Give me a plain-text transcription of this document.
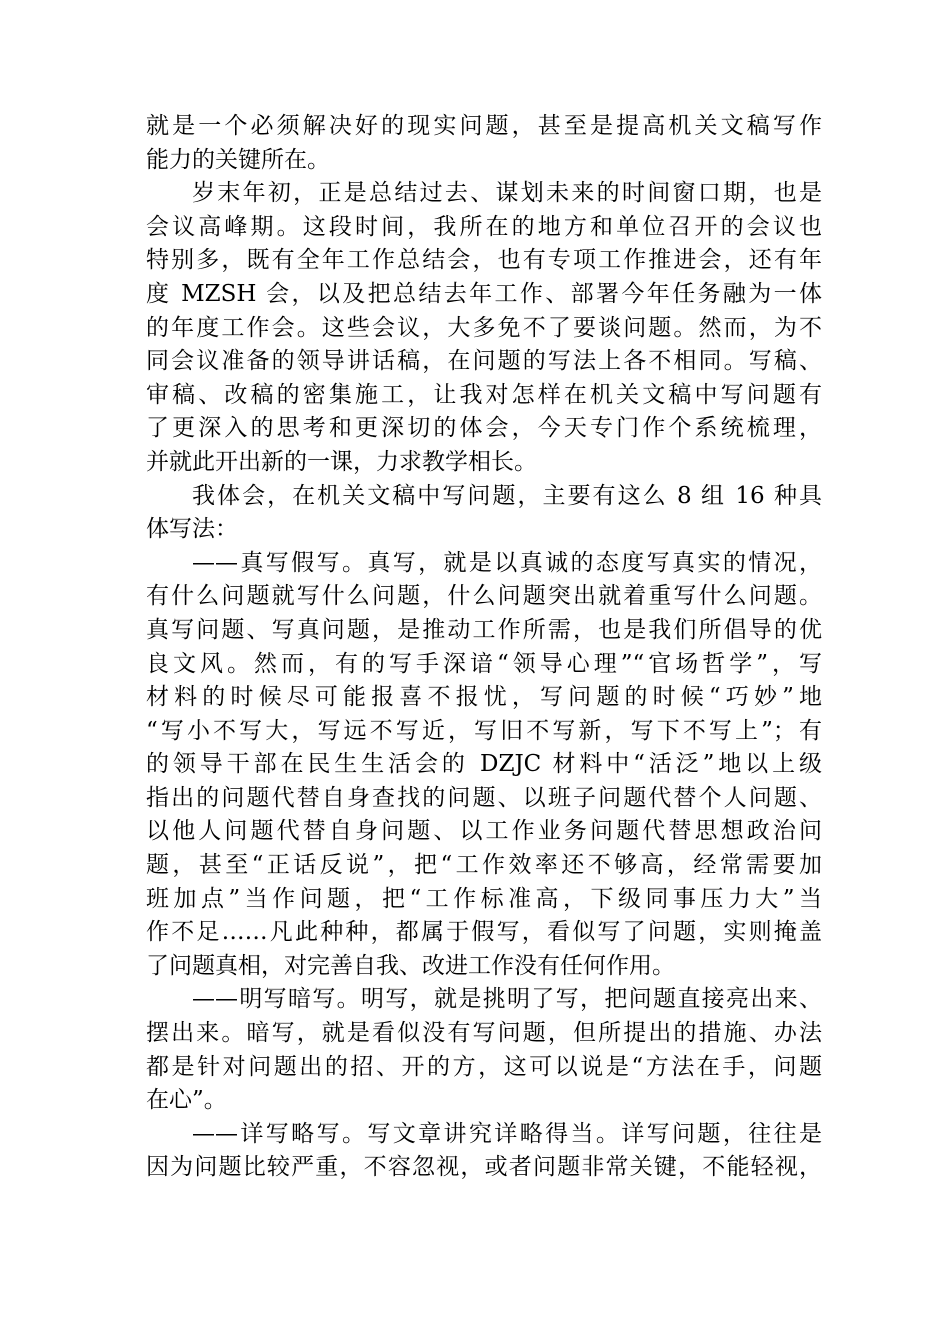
就是一个必须解决好的现实问题，甚至是提高机关文稿写作
能力的关键所在。
岁末年初，正是总结过去、谋划未来的时间窗口期，也是
会议高峰期。这段时间，我所在的地方和单位召开的会议也
特别多，既有全年工作总结会，也有专项工作推进会，还有年
度 MZSH 会，以及把总结去年工作、部署今年任务融为一体
的年度工作会。这些会议，大多免不了要谈问题。然而，为不
同会议准备的领导讲话稿，在问题的写法上各不相同。写稿、
审稿、改稿的密集施工，让我对怎样在机关文稿中写问题有
了更深入的思考和更深切的体会，今天专门作个系统梳理，
并就此开出新的一课，力求教学相长。
我体会，在机关文稿中写问题，主要有这么 8 组 16 种具
体写法：
——真写假写。真写，就是以真诚的态度写真实的情况，
有什么问题就写什么问题，什么问题突出就着重写什么问题。
真写问题、写真问题，是推动工作所需，也是我们所倡导的优
良文风。然而，有的写手深谙“领导心理”“官场哲学”，写
材料的时候尽可能报喜不报忧，写问题的时候“巧妙”地
“写小不写大，写远不写近，写旧不写新，写下不写上”；有
的领导干部在民生生活会的 DZJC 材料中“活泛”地以上级
指出的问题代替自身查找的问题、以班子问题代替个人问题、
以他人问题代替自身问题、以工作业务问题代替思想政治问
题，甚至“正话反说”，把“工作效率还不够高，经常需要加
班加点”当作问题，把“工作标准高，下级同事压力大”当
作不足……凡此种种，都属于假写，看似写了问题，实则掩盖
了问题真相，对完善自我、改进工作没有任何作用。
——明写暗写。明写，就是挑明了写，把问题直接亮出来、
摆出来。暗写，就是看似没有写问题，但所提出的措施、办法
都是针对问题出的招、开的方，这可以说是“方法在手，问题
在心”。
——详写略写。写文章讲究详略得当。详写问题，往往是
因为问题比较严重，不容忽视，或者问题非常关键，不能轻视，
